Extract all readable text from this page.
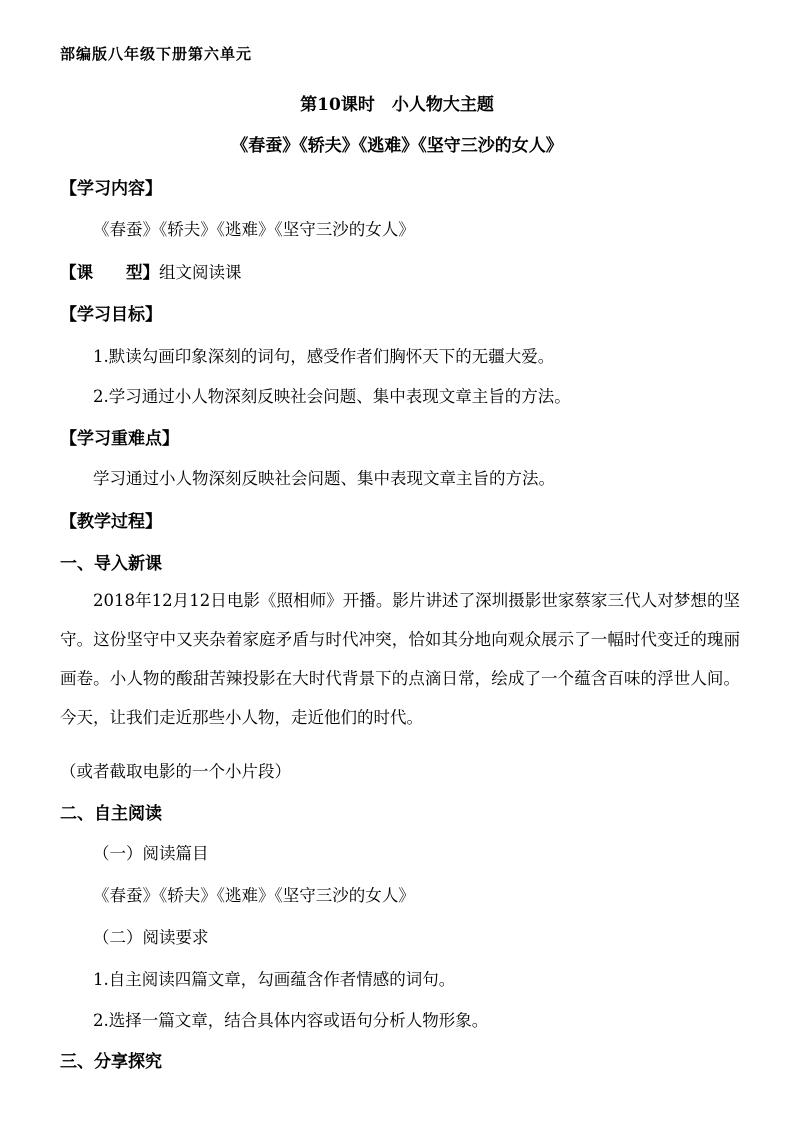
部编版八年级下册第六单元
第10课时　小人物大主题
《春蚕》《轿夫》《逃难》《坚守三沙的女人》
【学习内容】
《春蚕》《轿夫》《逃难》《坚守三沙的女人》
【课　　型】组文阅读课
【学习目标】
1.默读勾画印象深刻的词句，感受作者们胸怀天下的无疆大爱。
2.学习通过小人物深刻反映社会问题、集中表现文章主旨的方法。
【学习重难点】
学习通过小人物深刻反映社会问题、集中表现文章主旨的方法。
【教学过程】
一、导入新课
2018年12月12日电影《照相师》开播。影片讲述了深圳摄影世家蔡家三代人对梦想的坚守。这份坚守中又夹杂着家庭矛盾与时代冲突，恰如其分地向观众展示了一幅时代变迁的瑰丽画卷。小人物的酸甜苦辣投影在大时代背景下的点滴日常，绘成了一个蕴含百味的浮世人间。今天，让我们走近那些小人物，走近他们的时代。
（或者截取电影的一个小片段）
二、自主阅读
（一）阅读篇目
《春蚕》《轿夫》《逃难》《坚守三沙的女人》
（二）阅读要求
1.自主阅读四篇文章，勾画蕴含作者情感的词句。
2.选择一篇文章，结合具体内容或语句分析人物形象。
三、分享探究
